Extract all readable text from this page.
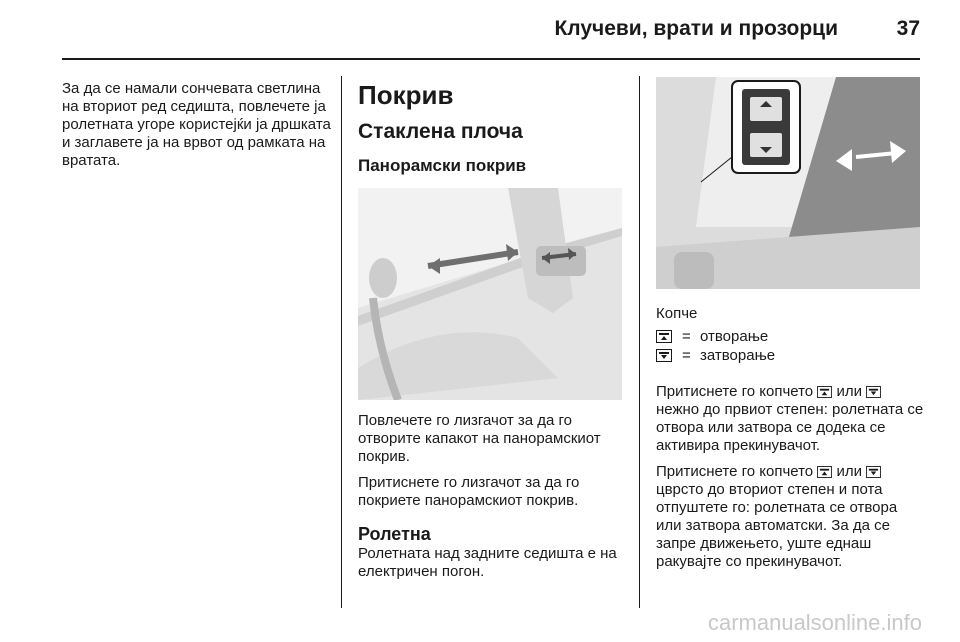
Клучеви, врати и прозорци	37

За да се намали сончевата светлина на вториот ред седишта, повлечете ја ролетната угоре користејќи ја дршката и заглавете ја на врвот од рамката на вратата.

Покрив
Стаклена плоча
Панорамски покрив

Повлечете го лизгачот за да го отворите капакот на панорамскиот покрив.

Притиснете го лизгачот за да го покриете панорамскиот покрив.

Ролетна

Ролетната над задните седишта е на електричен погон.

Копче
= отворање
= затворање

Притиснете го копчето или  нежно до првиот степен: ролетната се отвора или затвора се додека се активира прекинувачот.

Притиснете го копчето или  цврсто до вториот степен и пота отпуштете го: ролетната се отвора или затвора автоматски. За да се запре движењето, уште еднаш ракувајте со прекинувачот.

carmanualsonline.info
